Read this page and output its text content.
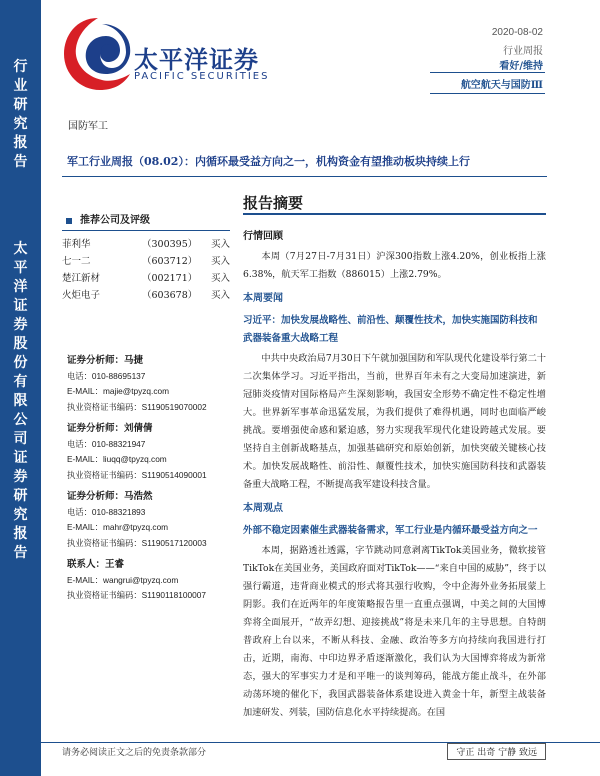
行
业
研
究
报
告
太
平
洋
证
券
股
份
有
限
公
司
证
券
研
究
报
告
太平洋证券
PACIFIC SECURITIES
2020-08-02
行业周报
看好/维持
航空航天与国防Ⅲ
国防军工
军工行业周报（08.02）：内循环最受益方向之一，机构资金有望推动板块持续上行
报告摘要
推荐公司及评级
菲利华	（300395） 买入
七一二	（603712） 买入
楚江新材	（002171） 买入
火炬电子	（603678） 买入
证券分析师：马捷
电话：010-88695137
E-MAIL：majie@tpyzq.com
执业资格证书编码：S1190519070002
证券分析师：刘倩倩
电话：010-88321947
E-MAIL：liuqq@tpyzq.com
执业资格证书编码：S1190514090001
证券分析师：马浩然
电话：010-88321893
E-MAIL：mahr@tpyzq.com
执业资格证书编码：S1190517120003
联系人：王睿
E-MAIL：wangrui@tpyzq.com
执业资格证书编码：S1190118100007
行情回顾
本周（7月27日-7月31日）沪深300指数上涨4.20%，创业板指上涨6.38%，航天军工指数（886015）上涨2.79%。
本周要闻
习近平：加快发展战略性、前沿性、颠覆性技术，加快实施国防科技和武器装备重大战略工程
中共中央政治局7月30日下午就加强国防和军队现代化建设举行第二十二次集体学习。习近平指出，当前，世界百年未有之大变局加速演进，新冠肺炎疫情对国际格局产生深刻影响，我国安全形势不确定性不稳定性增大。世界新军事革命迅猛发展，为我们提供了难得机遇，同时也面临严峻挑战。要增强使命感和紧迫感，努力实现我军现代化建设跨越式发展。要坚持自主创新战略基点，加强基础研究和原始创新，加快突破关键核心技术。加快发展战略性、前沿性、颠覆性技术，加快实施国防科技和武器装备重大战略工程，不断提高我军建设科技含量。
本周观点
外部不稳定因素催生武器装备需求，军工行业是内循环最受益方向之一
本周，据路透社透露，字节跳动同意剥离TikTok美国业务，微软接管TikTok在美国业务，美国政府面对TikTok——“来自中国的威胁”，终于以强行霸道，违背商业模式的形式将其强行收购，令中企海外业务拓展蒙上阴影。我们在近两年的年度策略报告里一直重点强调，中美之间的大国博弈将全面展开，“故弄幻想、迎接挑战”将是未来几年的主导思想。自特朗普政府上台以来，不断从科技、金融、政治等多方向持续向我国进行打击，近期，南海、中印边界矛盾逐渐激化，我们认为大国博弈将成为新常态，强大的军事实力才是和平唯一的谈判筹码，能战方能止战斗，在外部动荡环境的催化下，我国武器装备体系建设进入黄金十年，新型主战装备加速研发、列装，国防信息化水平持续提高。在国
请务必阅读正文之后的免责条款部分	守正 出奇 宁静 致远
